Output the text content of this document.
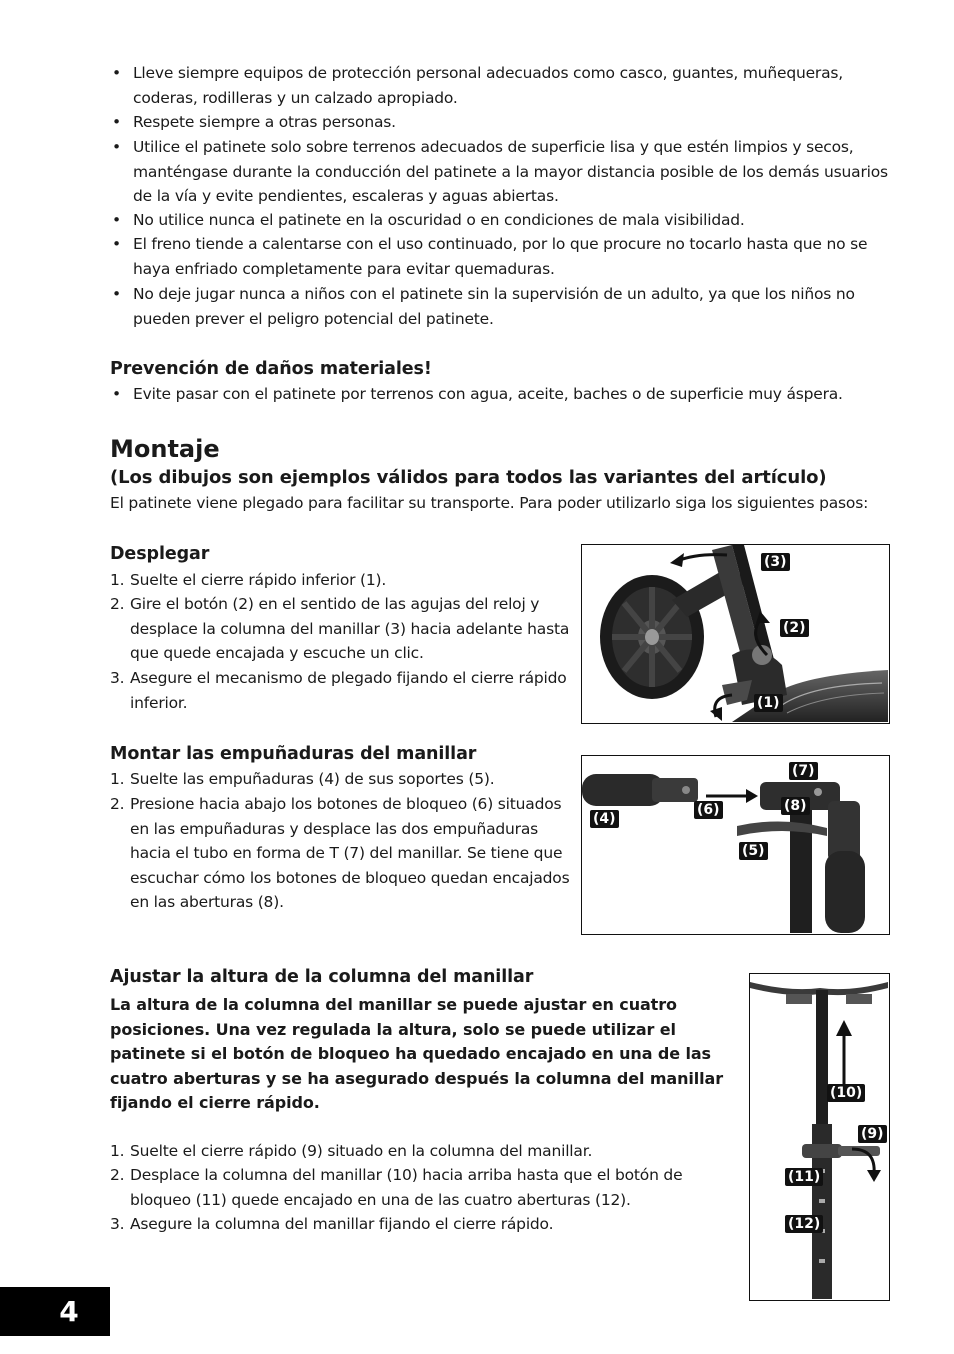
• Lleve siempre equipos de protección personal adecuados como casco, guantes, muñequeras, coderas, rodilleras y un calzado apropiado.
• Respete siempre a otras personas.
• Utilice el patinete solo sobre terrenos adecuados de superficie lisa y que estén limpios y secos, manténgase durante la conducción del patinete a la mayor distancia posible de los demás usuarios de la vía y evite pendientes, escaleras y aguas abiertas.
• No utilice nunca el patinete en la oscuridad o en condiciones de mala visibilidad.
• El freno tiende a calentarse con el uso continuado, por lo que procure no tocarlo hasta que no se haya enfriado completamente para evitar quemaduras.
• No deje jugar nunca a niños con el patinete sin la supervisión de un adulto, ya que los niños no pueden prever el peligro potencial del patinete.
Prevención de daños materiales!
• Evite pasar con el patinete por terrenos con agua, aceite, baches o de superficie muy áspera.
Montaje
(Los dibujos son ejemplos válidos para todos las variantes del artículo)
El patinete viene plegado para facilitar su transporte. Para poder utilizarlo siga los siguientes pasos:
Desplegar
1. Suelte el cierre rápido inferior (1).
2. Gire el botón (2) en el sentido de las agujas del reloj y desplace la columna del manillar (3) hacia adelante hasta que quede encajada y escuche un clic.
3. Asegure el mecanismo de plegado fijando el cierre rápido inferior.
(3)
(2)
(1)
Montar las empuñaduras del manillar
1. Suelte las empuñaduras (4) de sus soportes (5).
2. Presione hacia abajo los botones de bloqueo (6) situados en las empuñaduras y desplace las dos empuñaduras hacia el tubo en forma de T (7) del manillar. Se tiene que escuchar cómo los botones de bloqueo quedan encajados en las aberturas (8).
(7)
(6)	(8)
(4)
(5)
Ajustar la altura de la columna del manillar
La altura de la columna del manillar se puede ajustar en cuatro posiciones. Una vez regulada la altura, solo se puede utilizar el patinete si el botón de bloqueo ha quedado encajado en una de las cuatro aberturas y se ha asegurado después la columna del manillar fijando el cierre rápido.
1. Suelte el cierre rápido (9) situado en la columna del manillar.
2. Desplace la columna del manillar (10) hacia arriba hasta que el botón de bloqueo (11) quede encajado en una de las cuatro aberturas (12).
3. Asegure la columna del manillar fijando el cierre rápido.
(10)
(9)
(11)
(12)
4
